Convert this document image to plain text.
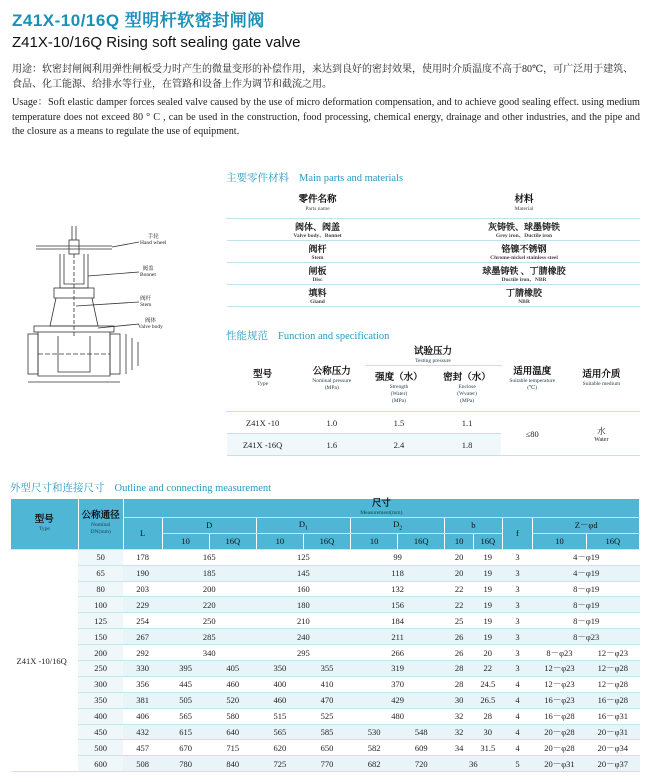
Z41X-10/16Q 型明杆软密封闸阀
Z41X-10/16Q Rising soft sealing gate valve
用途：软密封闸阀利用弹性闸板受力时产生的微量变形的补偿作用，来达到良好的密封效果，使用时介质温度不高于80℃，可广泛用于建筑、食品、化工能源、给排水等行业，在管路和设备上作为调节和截流之用。
Usage：Soft elastic damper forces sealed valve caused by the use of micro deformation compensation, and to achieve good sealing effect. using medium temperature does not exceed 80 ° C , can be used in the construction, food processing, chemical energy, drainage and other industries, and the pipe and the closure as a means to regulate the use of equipment.
手轮
Hand wheel
阀盖
Bonnet
阀杆
Stem
阀体
Valve body
主要零件材料 Main parts and materials
零件名称
Parts name	材料
Material

阀体、阀盖
Valve body、Bonnet	灰铸铁、球墨铸铁
Grey iron、Ductile iron

阀杆
Stem	铬镍不锈钢
Chrome-nickel stainless steel

闸板
Disc	球墨铸铁 、丁腈橡胶
Ductile iron、NBR

填料
Gland	丁腈橡胶
NBR
性能规范 Function and specification
型号
Type	公称压力
Nominal pressure
(MPa)	试验压力
Testing pressure		适用温度
Suitable temperature
(℃)	适用介质
Suitable medium

		强度（水）
Strength
(Water)
(MPa)	密封（水）
Enclose
(Wvater)
(MPa)		

Z41X -10	1.0	1.5	1.1	≤80	水
Water

Z41X -16Q	1.6	2.4	1.8		
外型尺寸和连接尺寸 Outline and connecting measurement
型号
Type	公称通径
Nominal
DN(mm)	尺寸
Measurement(mm)											

		L	D		$D_1$		$D_2$		b		f	Z－φd	
			10	16Q	10	16Q	10	16Q	10	16Q		10	16Q
Z41X -10/16Q	50	178	165		125		99		20	19	3	4－φ19	
	65	190	185		145		118		20	19	3	4－φ19	
	80	203	200		160		132		22	19	3	8－φ19	
	100	229	220		180		156		22	19	3	8－φ19	
	125	254	250		210		184		25	19	3	8－φ19	
	150	267	285		240		211		26	19	3	8－φ23	
	200	292	340		295		266		26	20	3	8－φ23	12－φ23
	250	330	395	405	350	355	319		28	22	3	12－φ23	12－φ28
	300	356	445	460	400	410	370		28	24.5	4	12－φ23	12－φ28
	350	381	505	520	460	470	429		30	26.5	4	16－φ23	16－φ28
	400	406	565	580	515	525	480		32	28	4	16－φ28	16－φ31
	450	432	615	640	565	585	530	548	32	30	4	20－φ28	20－φ31
	500	457	670	715	620	650	582	609	34	31.5	4	20－φ28	20－φ34
	600	508	780	840	725	770	682	720	36		5	20－φ31	20－φ37
